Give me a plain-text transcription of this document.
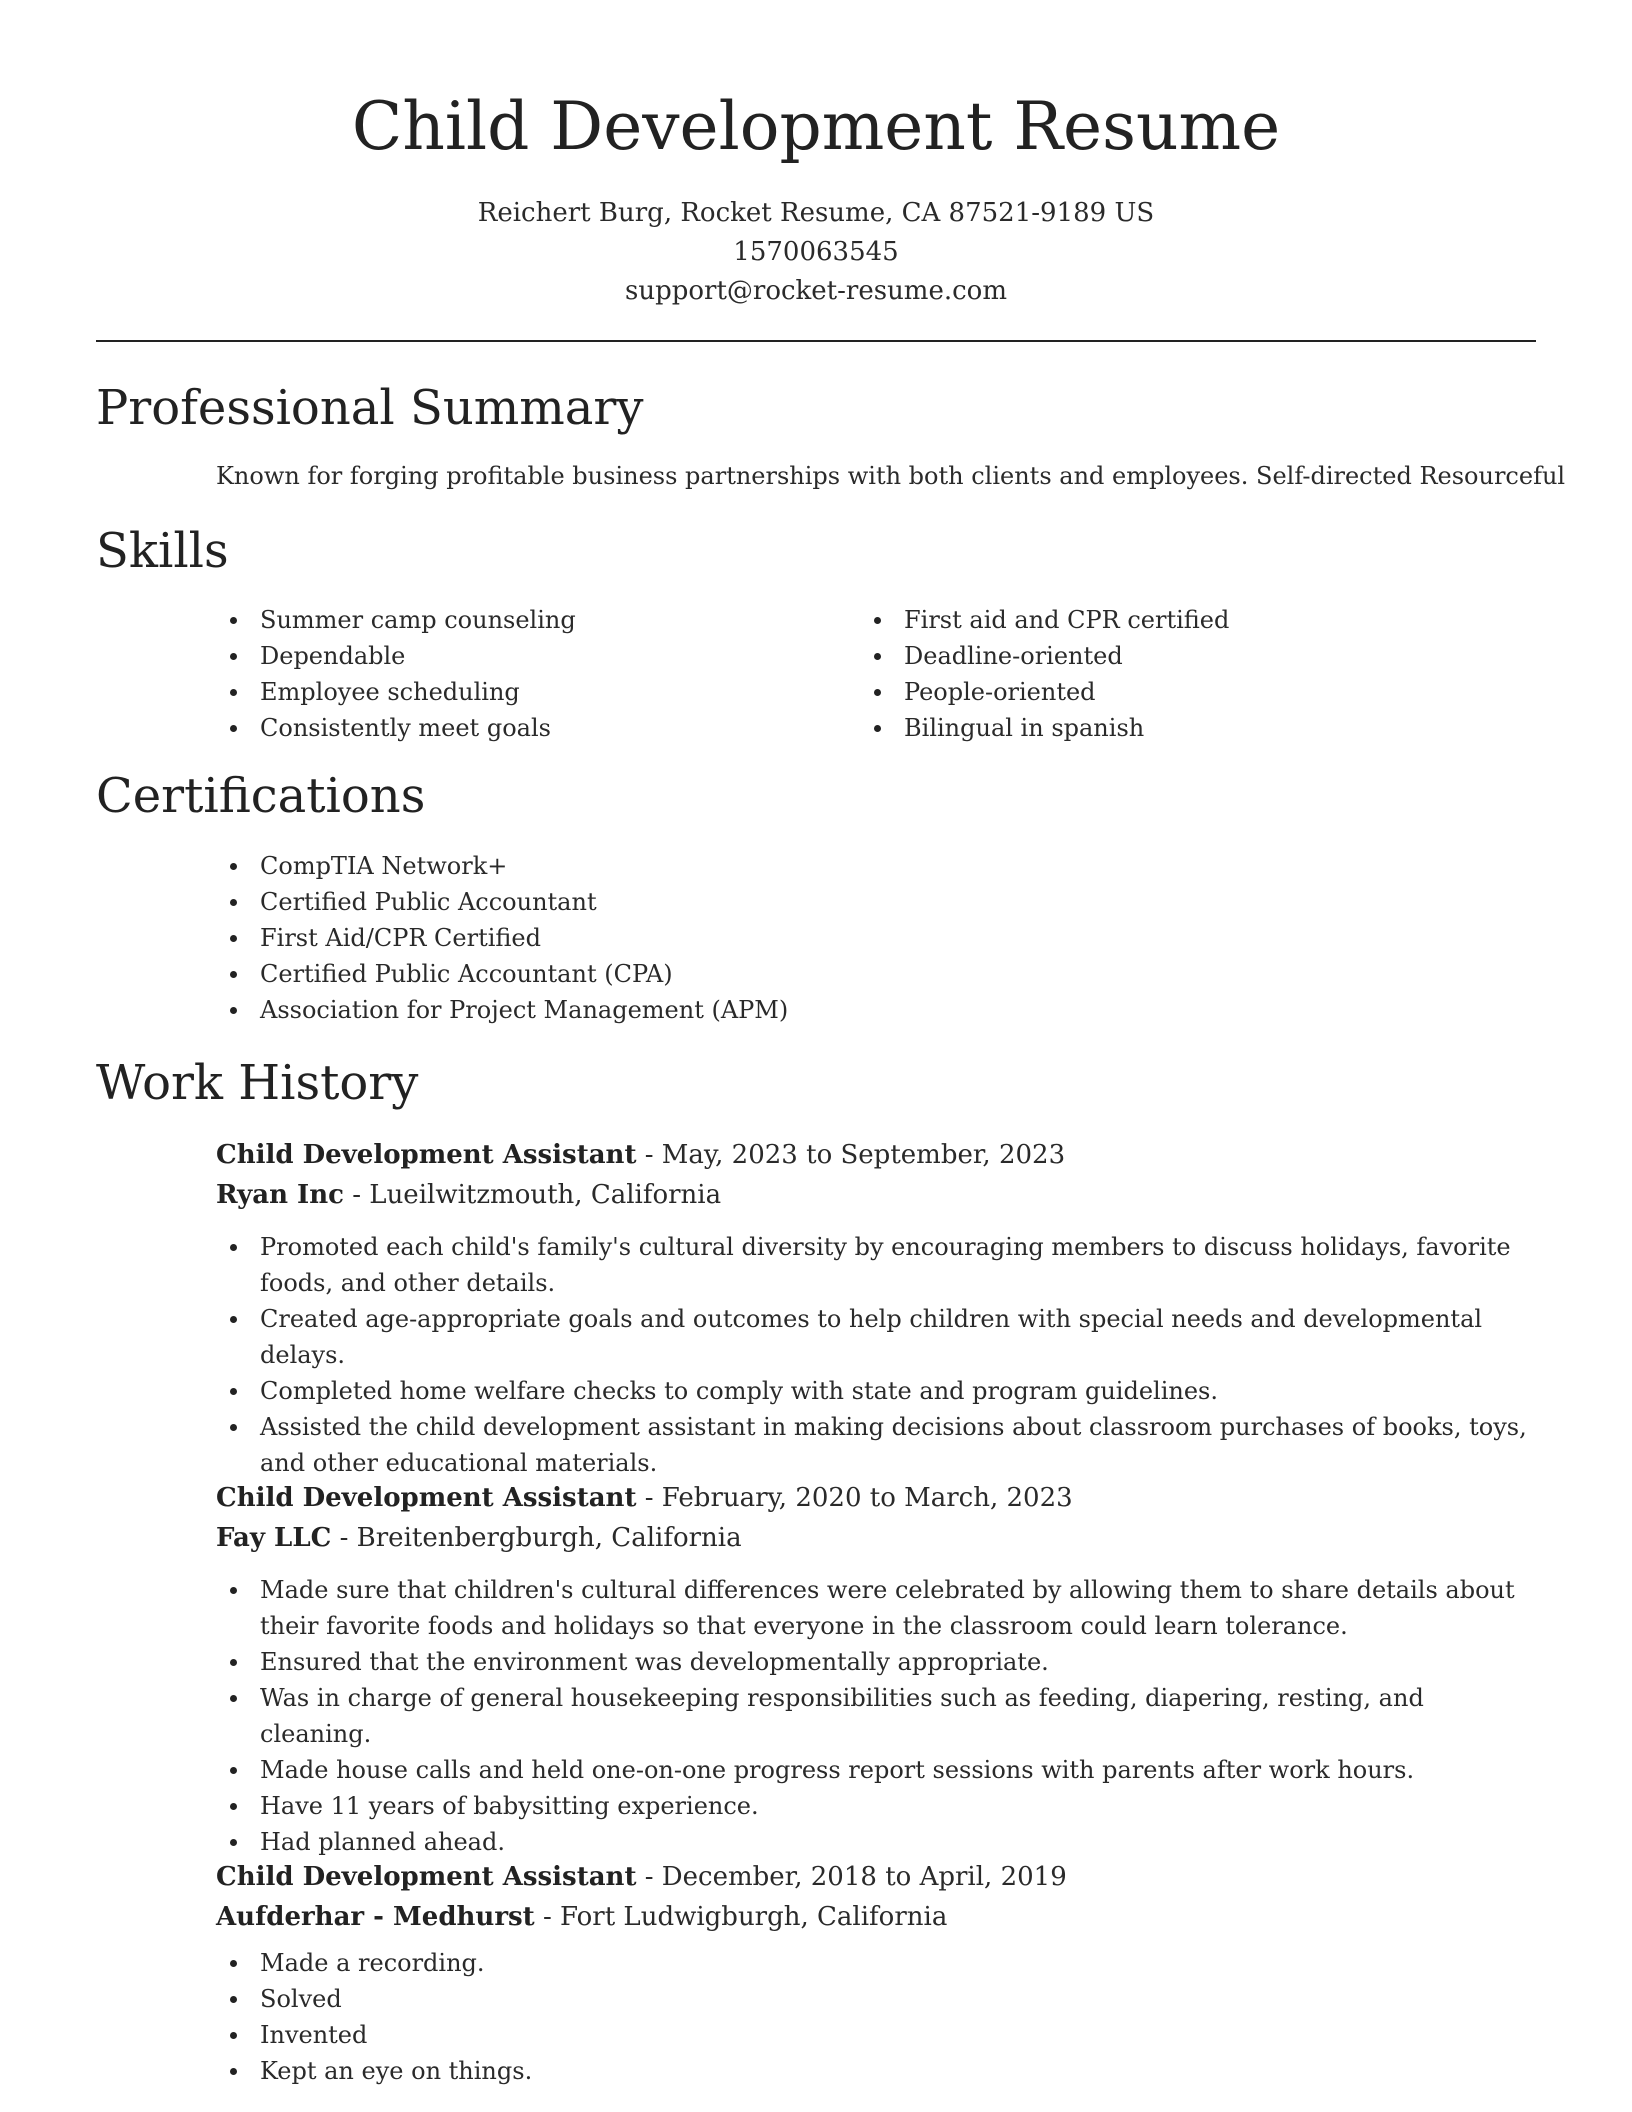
Child Development Resume
Reichert Burg, Rocket Resume, CA 87521-9189 US
1570063545
support@rocket-resume.com
Professional Summary
Known for forging profitable business partnerships with both clients and employees. Self-directed Resourceful
Skills
Summer camp counseling
Dependable
Employee scheduling
Consistently meet goals
First aid and CPR certified
Deadline-oriented
People-oriented
Bilingual in spanish
Certifications
CompTIA Network+
Certified Public Accountant
First Aid/CPR Certified
Certified Public Accountant (CPA)
Association for Project Management (APM)
Work History
Child Development Assistant - May, 2023 to September, 2023
Ryan Inc - Lueilwitzmouth, California
Promoted each child's family's cultural diversity by encouraging members to discuss holidays, favorite foods, and other details.
Created age-appropriate goals and outcomes to help children with special needs and developmental delays.
Completed home welfare checks to comply with state and program guidelines.
Assisted the child development assistant in making decisions about classroom purchases of books, toys, and other educational materials.
Child Development Assistant - February, 2020 to March, 2023
Fay LLC - Breitenbergburgh, California
Made sure that children's cultural differences were celebrated by allowing them to share details about their favorite foods and holidays so that everyone in the classroom could learn tolerance.
Ensured that the environment was developmentally appropriate.
Was in charge of general housekeeping responsibilities such as feeding, diapering, resting, and cleaning.
Made house calls and held one-on-one progress report sessions with parents after work hours.
Have 11 years of babysitting experience.
Had planned ahead.
Child Development Assistant - December, 2018 to April, 2019
Aufderhar - Medhurst - Fort Ludwigburgh, California
Made a recording.
Solved
Invented
Kept an eye on things.
